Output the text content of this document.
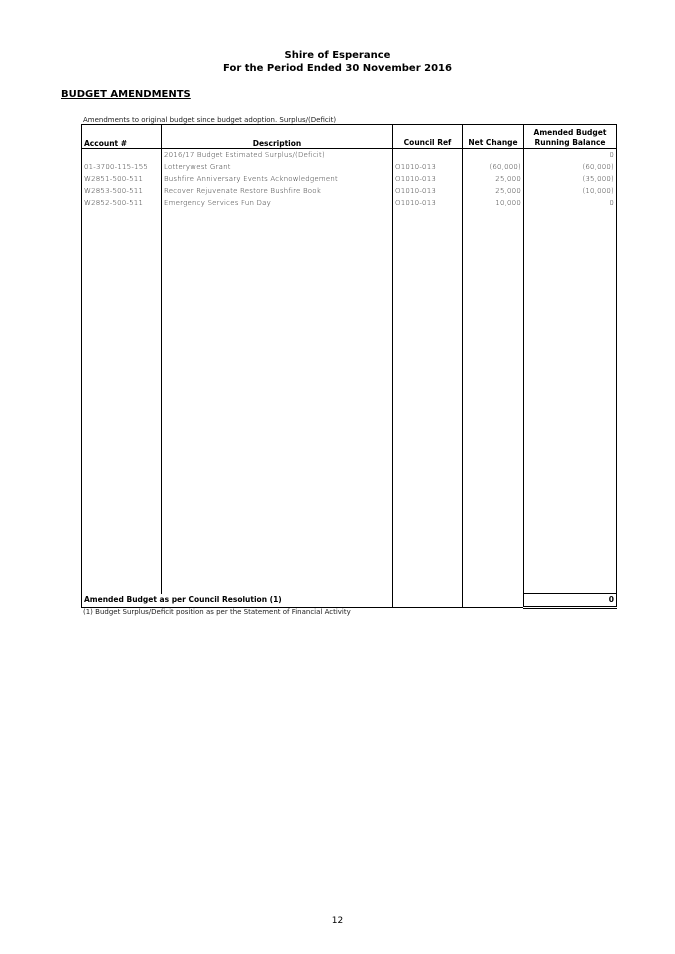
Shire of Esperance
For the Period Ended 30 November 2016
BUDGET AMENDMENTS
Amendments to original budget since budget adoption. Surplus/(Deficit)
Account #	Description	Council Ref	Net Change	Amended Budget
Running Balance

	2016/17 Budget Estimated Surplus/(Deficit)			0
01-3700-115-155	Lotterywest Grant	O1010-013	(60,000)	(60,000)
W2851-500-511	Bushfire Anniversary Events Acknowledgement	O1010-013	25,000	(35,000)
W2853-500-511	Recover Rejuvenate Restore Bushfire Book	O1010-013	25,000	(10,000)
W2852-500-511	Emergency Services Fun Day	O1010-013	10,000	0

Amended Budget as per Council Resolution (1)				0
(1) Budget Surplus/Deficit position as per the Statement of Financial Activity
12
